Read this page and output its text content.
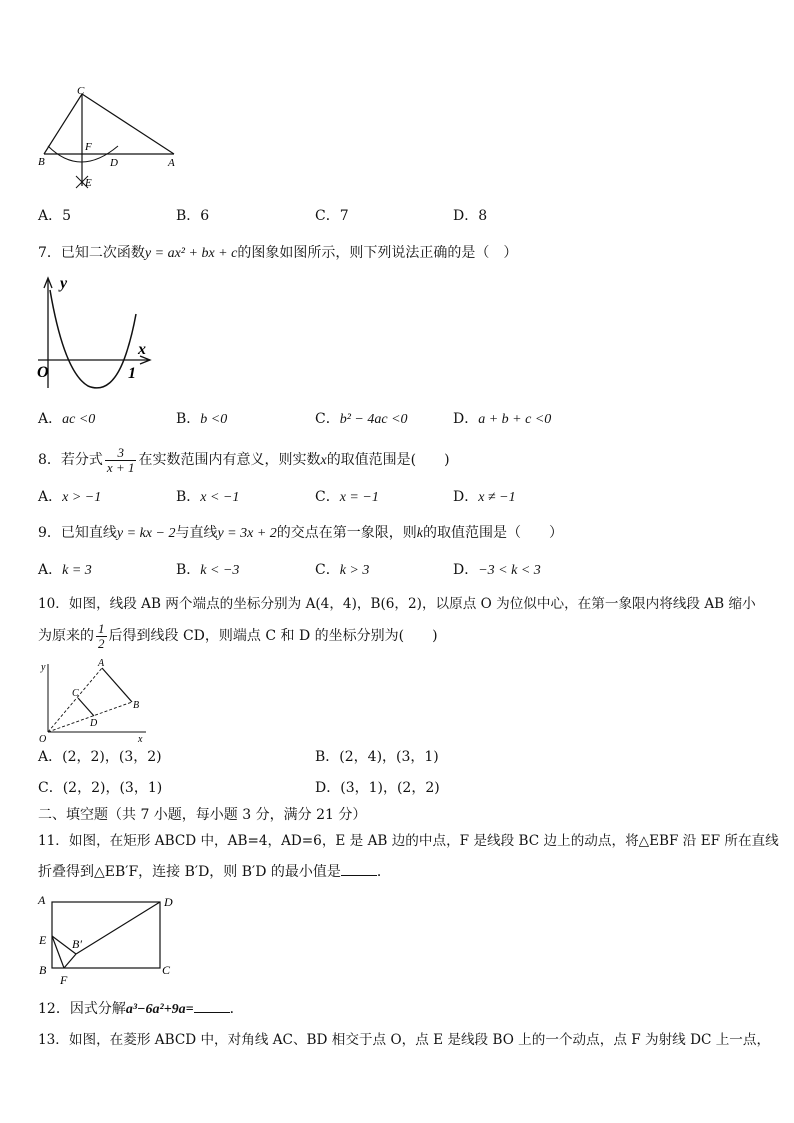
C
F
B	D	A
E
A．5	B．6	C．7	D．8
7．已知二次函数y = ax² + bx + c的图象如图所示，则下列说法正确的是（　）
y
x
O	1
A．ac <0	B．b <0	C．b² − 4ac <0	D．a + b + c <0
8．若分式 $\frac{3}{x + 1}$ 在实数范围内有意义，则实数x的取值范围是(　　)
A．x > −1	B．x < −1	C．x = −1	D．x ≠ −1
9．已知直线y = kx − 2与直线y = 3x + 2的交点在第一象限，则k的取值范围是（　　）
A．k = 3	B．k < −3	C．k > 3	D．−3 < k < 3
10．如图，线段 AB 两个端点的坐标分别为 A(4，4)，B(6，2)，以原点 O 为位似中心，在第一象限内将线段 AB 缩小
为原来的 $\frac{1}{2}$ 后得到线段 CD，则端点 C 和 D 的坐标分别为(　　)
y	A
C
B
D
O	x
A．(2，2)，(3，2)	B．(2，4)，(3，1)
C．(2，2)，(3，1)	D．(3，1)，(2，2)
二、填空题（共 7 小题，每小题 3 分，满分 21 分）
11．如图，在矩形 ABCD 中，AB=4，AD=6，E 是 AB 边的中点，F 是线段 BC 边上的动点，将△EBF 沿 EF 所在直线
折叠得到△EB′F，连接 B′D，则 B′D 的最小值是	．
A	D
E B′
B
F
C
12．因式分解a³−6a²+9a=	．
13．如图，在菱形 ABCD 中，对角线 AC、BD 相交于点 O，点 E 是线段 BO 上的一个动点，点 F 为射线 DC 上一点，
